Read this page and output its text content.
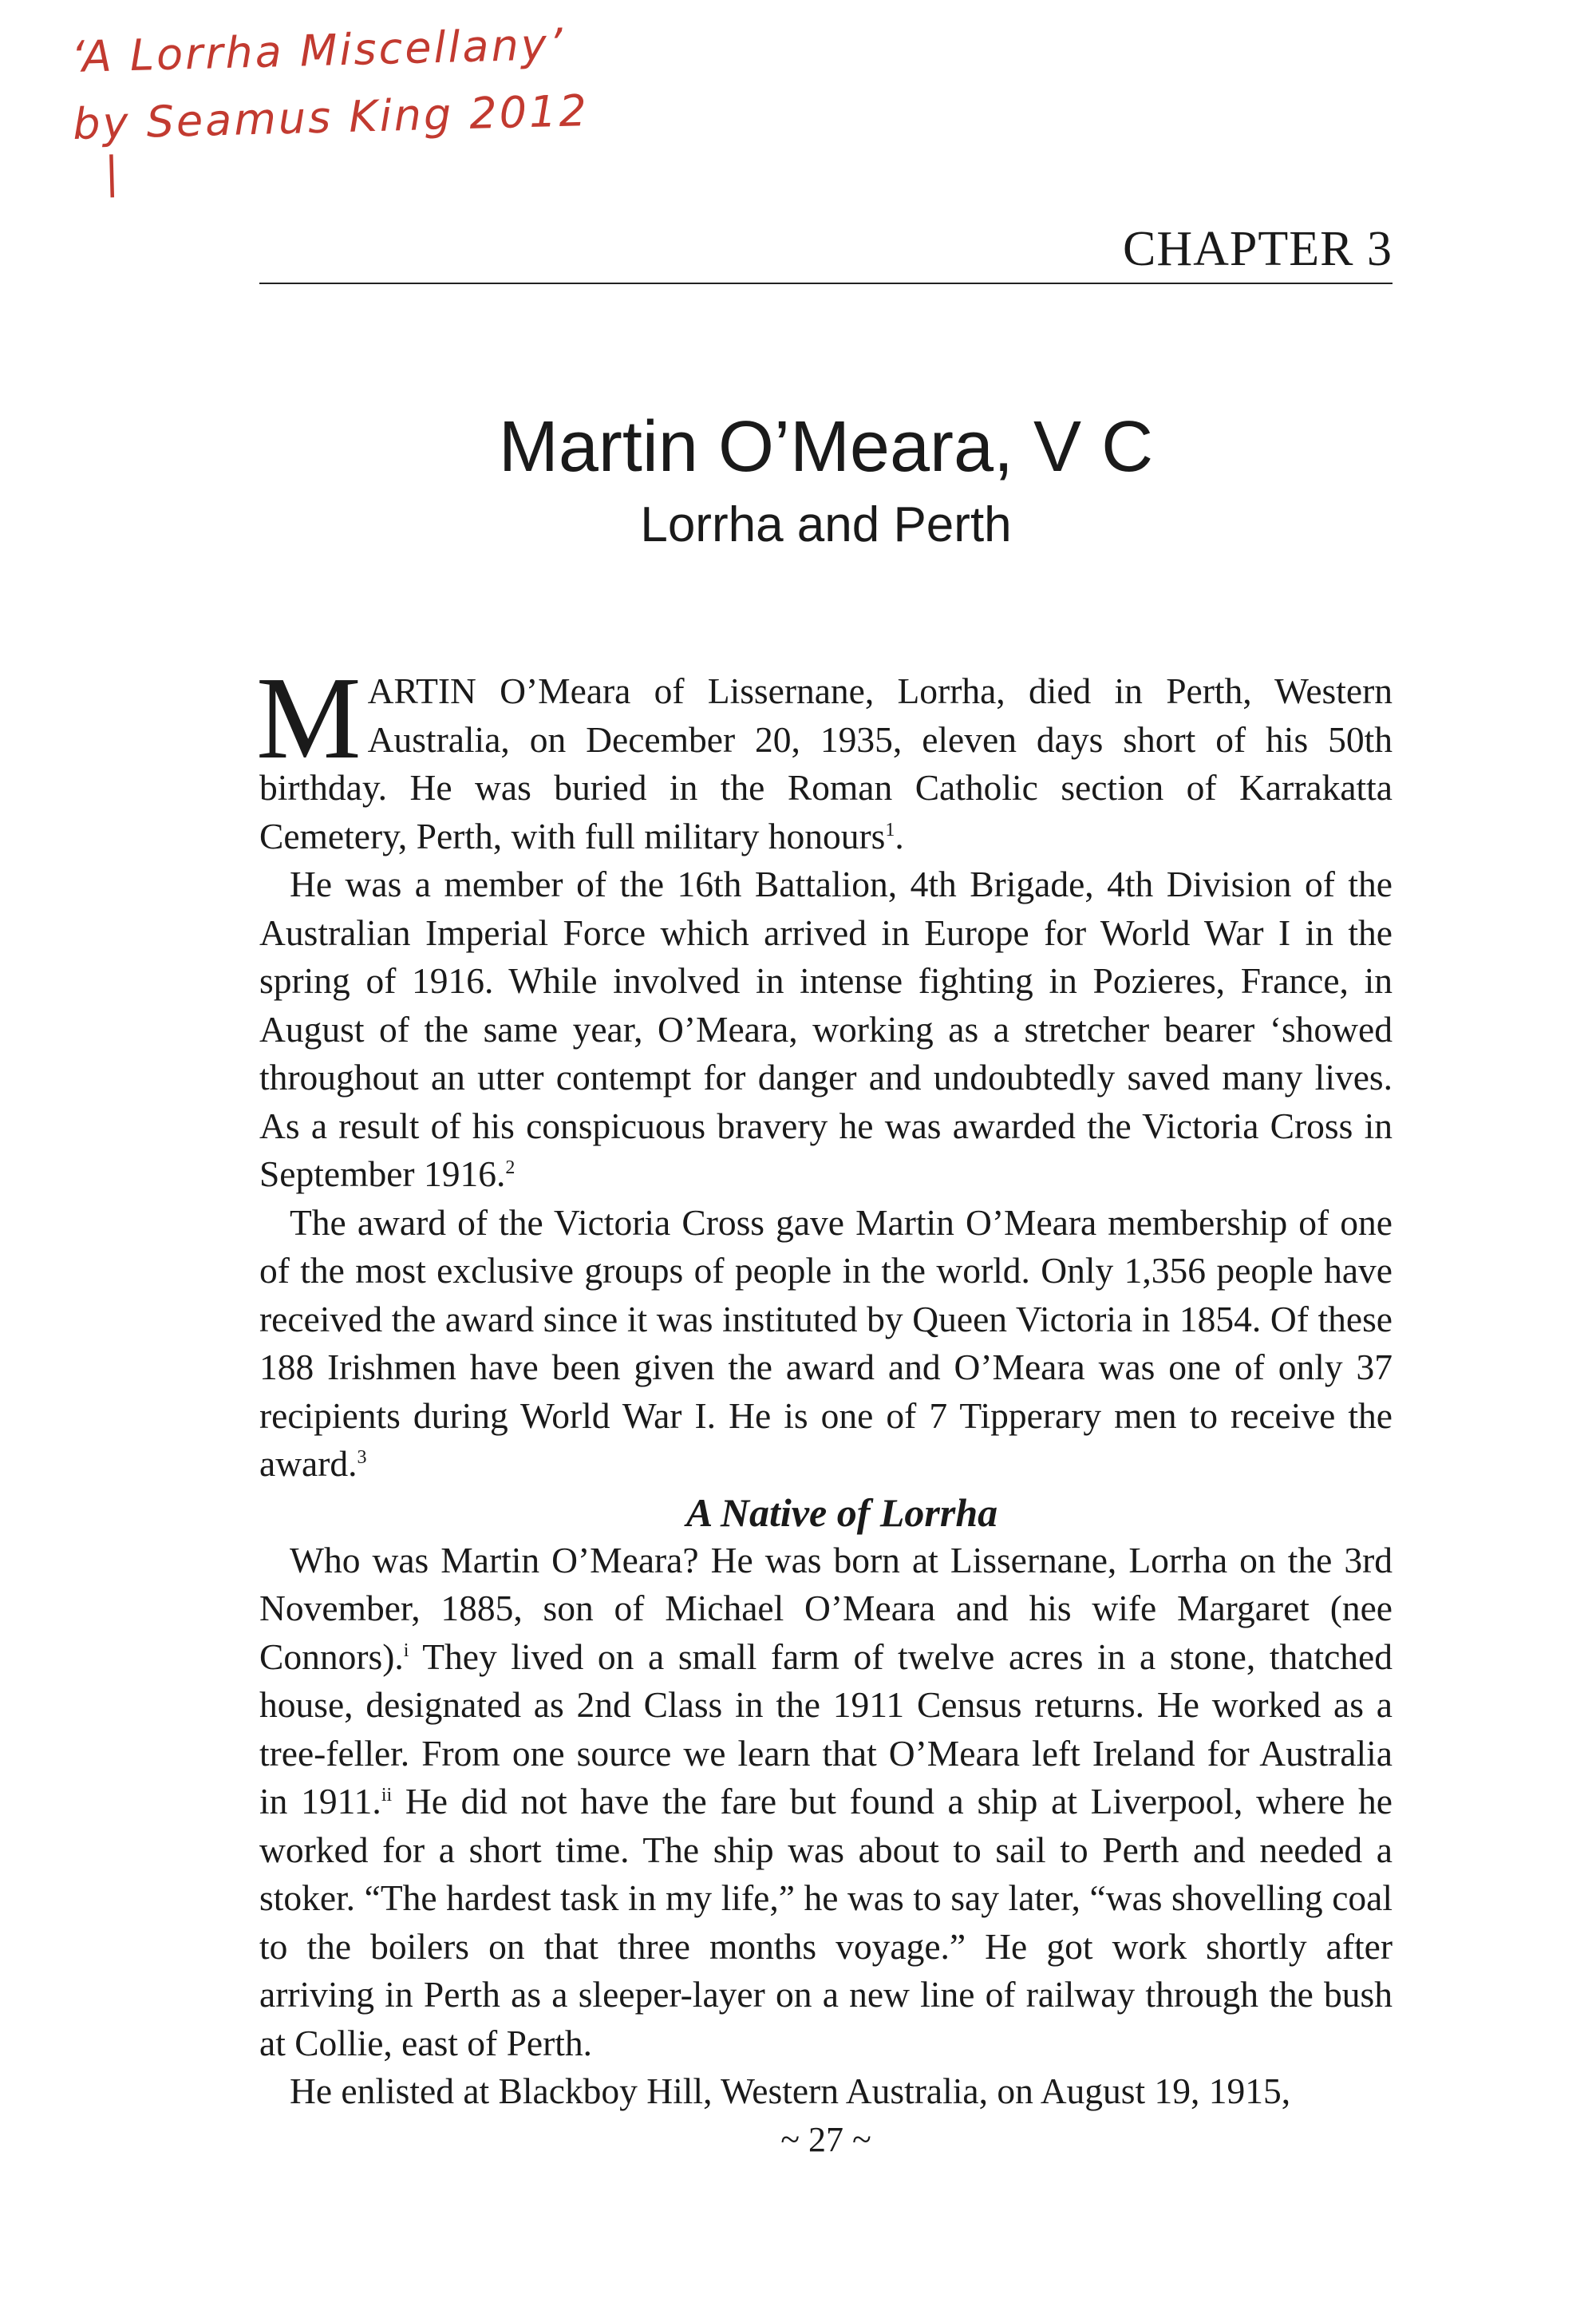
‘A Lorrha Miscellany’
by Seamus King 2012
|
CHAPTER 3
Martin O’Meara, V C
Lorrha and Perth

MARTIN O’Meara of Lissernane, Lorrha, died in Perth, Western Australia, on December 20, 1935, eleven days short of his 50th birthday. He was buried in the Roman Catholic section of Karrakatta Cemetery, Perth, with full military honours$^1$.

He was a member of the 16th Battalion, 4th Brigade, 4th Division of the Australian Imperial Force which arrived in Europe for World War I in the spring of 1916. While involved in intense fighting in Pozieres, France, in August of the same year, O’Meara, working as a stretcher bearer ‘showed throughout an utter contempt for danger and undoubtedly saved many lives. As a result of his conspicuous bravery he was awarded the Victoria Cross in September 1916.$^2$

The award of the Victoria Cross gave Martin O’Meara membership of one of the most exclusive groups of people in the world. Only 1,356 people have received the award since it was instituted by Queen Victoria in 1854. Of these 188 Irishmen have been given the award and O’Meara was one of only 37 recipients during World War I. He is one of 7 Tipperary men to receive the award.$^3$

A Native of Lorrha

Who was Martin O’Meara? He was born at Lissernane, Lorrha on the 3rd November, 1885, son of Michael O’Meara and his wife Margaret (nee Connors).$^i$ They lived on a small farm of twelve acres in a stone, thatched house, designated as 2nd Class in the 1911 Census returns. He worked as a tree-feller. From one source we learn that O’Meara left Ireland for Australia in 1911.$^{ii}$ He did not have the fare but found a ship at Liverpool, where he worked for a short time. The ship was about to sail to Perth and needed a stoker. “The hardest task in my life,” he was to say later, “was shovelling coal to the boilers on that three months voyage.” He got work shortly after arriving in Perth as a sleeper-layer on a new line of railway through the bush at Collie, east of Perth.

He enlisted at Blackboy Hill, Western Australia, on August 19, 1915,

~ 27 ~
